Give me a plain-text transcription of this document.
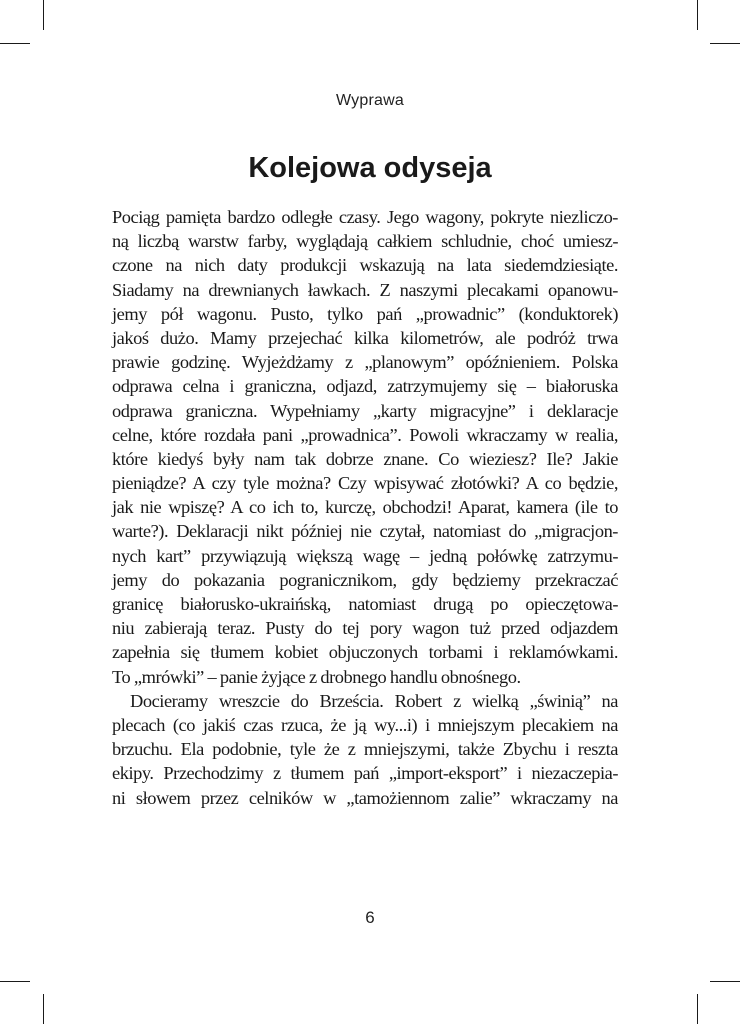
Wyprawa
Kolejowa odyseja
Pociąg pamięta bardzo odległe czasy. Jego wagony, pokryte niezliczo-
ną liczbą warstw farby, wyglądają całkiem schludnie, choć umiesz-
czone na nich daty produkcji wskazują na lata siedemdziesiąte.
Siadamy na drewnianych ławkach. Z naszymi plecakami opanowu-
jemy pół wagonu. Pusto, tylko pań „prowadnic” (konduktorek)
jakoś dużo. Mamy przejechać kilka kilometrów, ale podróż trwa
prawie godzinę. Wyjeżdżamy z „planowym” opóźnieniem. Polska
odprawa celna i graniczna, odjazd, zatrzymujemy się – białoruska
odprawa graniczna. Wypełniamy „karty migracyjne” i deklaracje
celne, które rozdała pani „prowadnica”. Powoli wkraczamy w realia,
które kiedyś były nam tak dobrze znane. Co wieziesz? Ile? Jakie
pieniądze? A czy tyle można? Czy wpisywać złotówki? A co będzie,
jak nie wpiszę? A co ich to, kurczę, obchodzi! Aparat, kamera (ile to
warte?). Deklaracji nikt później nie czytał, natomiast do „migracjon-
nych kart” przywiązują większą wagę – jedną połówkę zatrzymu-
jemy do pokazania pogranicznikom, gdy będziemy przekraczać
granicę białorusko-ukraińską, natomiast drugą po opieczętowa-
niu zabierają teraz. Pusty do tej pory wagon tuż przed odjazdem
zapełnia się tłumem kobiet objuczonych torbami i reklamówkami.
To „mrówki” – panie żyjące z drobnego handlu obnośnego.
Docieramy wreszcie do Brześcia. Robert z wielką „świnią” na
plecach (co jakiś czas rzuca, że ją wy...i) i mniejszym plecakiem na
brzuchu. Ela podobnie, tyle że z mniejszymi, także Zbychu i reszta
ekipy. Przechodzimy z tłumem pań „import-eksport” i niezaczepia-
ni słowem przez celników w „tamożiennom zalie” wkraczamy na
6
